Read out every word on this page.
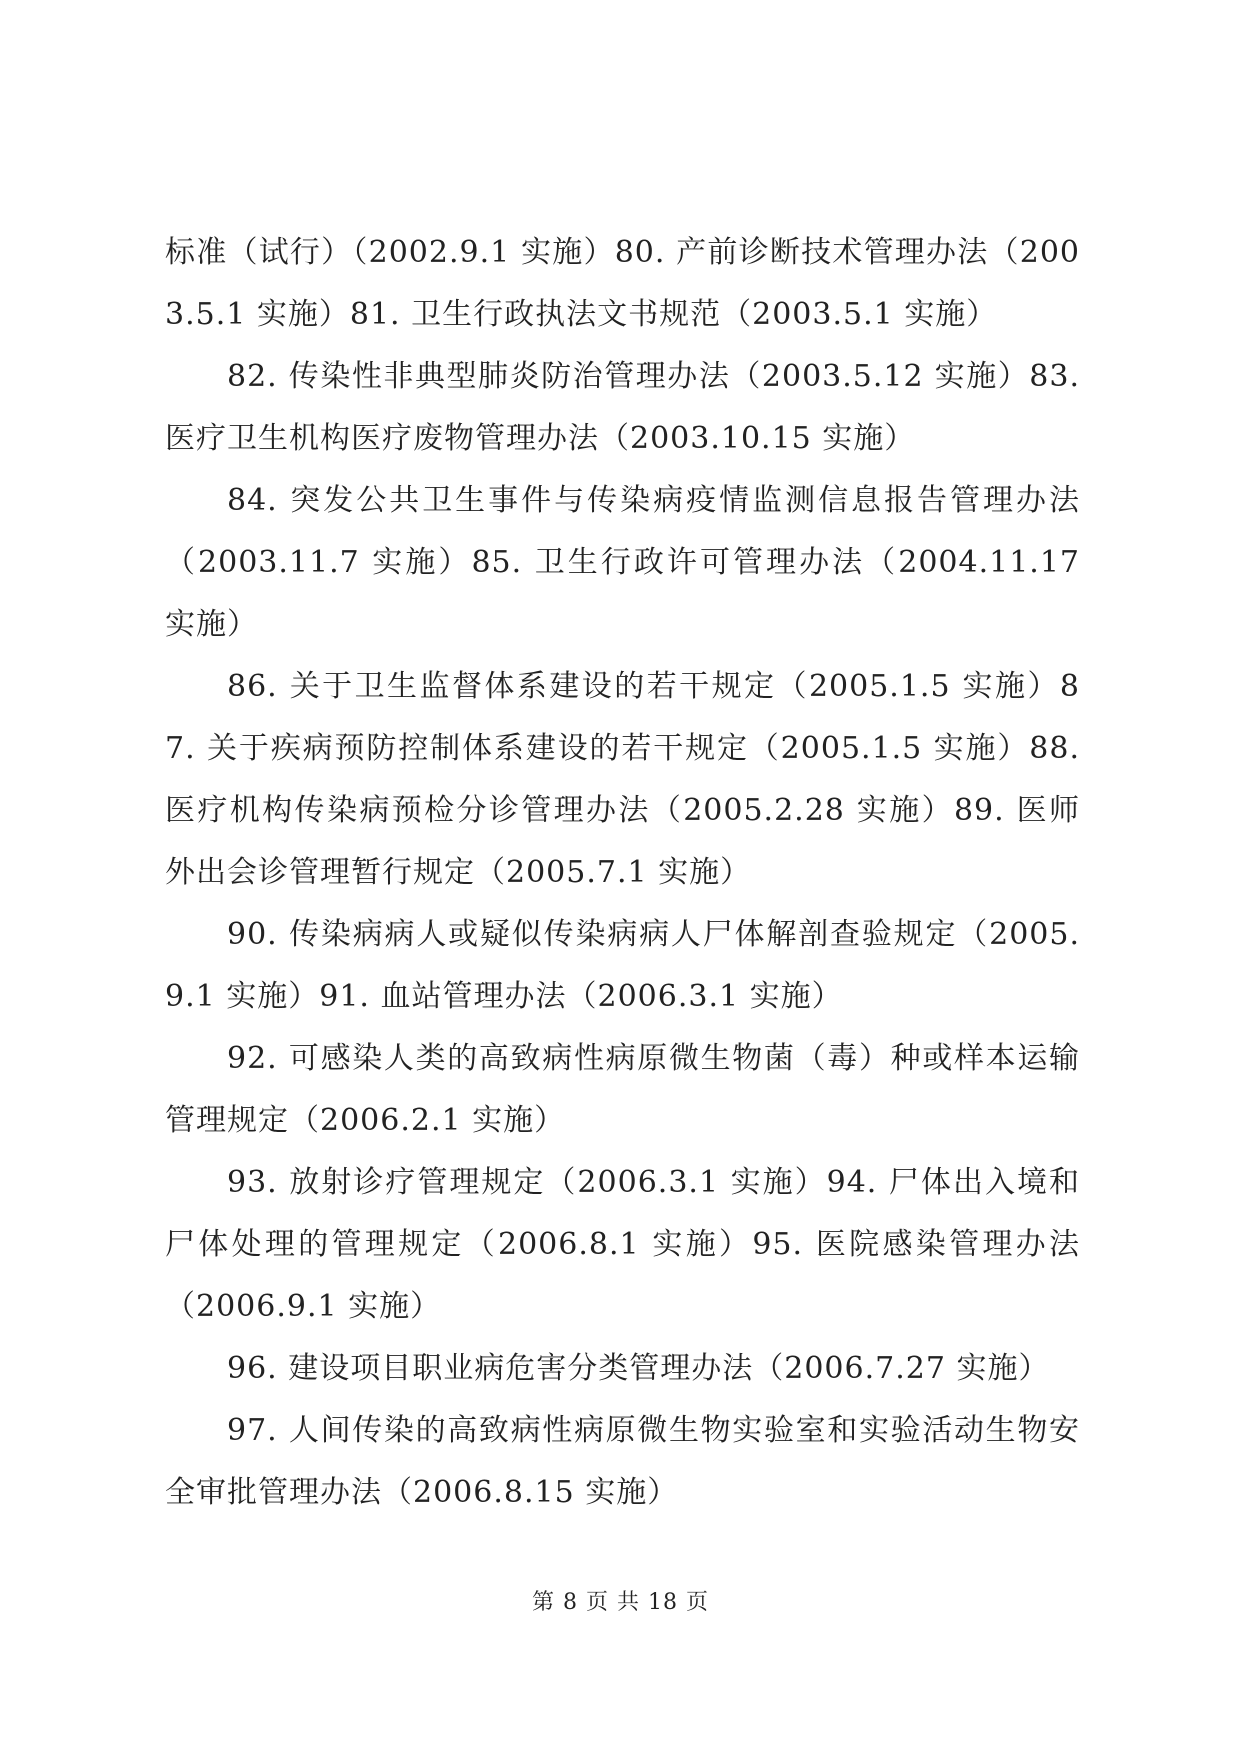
标准（试行）（2002.9.1 实施）80. 产前诊断技术管理办法（2003.5.1 实施）81. 卫生行政执法文书规范（2003.5.1 实施）

82. 传染性非典型肺炎防治管理办法（2003.5.12 实施）83. 医疗卫生机构医疗废物管理办法（2003.10.15 实施）

84. 突发公共卫生事件与传染病疫情监测信息报告管理办法（2003.11.7 实施）85. 卫生行政许可管理办法（2004.11.17 实施）

86. 关于卫生监督体系建设的若干规定（2005.1.5 实施）87. 关于疾病预防控制体系建设的若干规定（2005.1.5 实施）88. 医疗机构传染病预检分诊管理办法（2005.2.28 实施）89. 医师外出会诊管理暂行规定（2005.7.1 实施）

90. 传染病病人或疑似传染病病人尸体解剖查验规定（2005.9.1 实施）91. 血站管理办法（2006.3.1 实施）

92. 可感染人类的高致病性病原微生物菌（毒）种或样本运输管理规定（2006.2.1 实施）

93. 放射诊疗管理规定（2006.3.1 实施）94. 尸体出入境和尸体处理的管理规定（2006.8.1 实施）95. 医院感染管理办法（2006.9.1 实施）

96. 建设项目职业病危害分类管理办法（2006.7.27 实施）

97. 人间传染的高致病性病原微生物实验室和实验活动生物安全审批管理办法（2006.8.15 实施）

第 8 页 共 18 页
